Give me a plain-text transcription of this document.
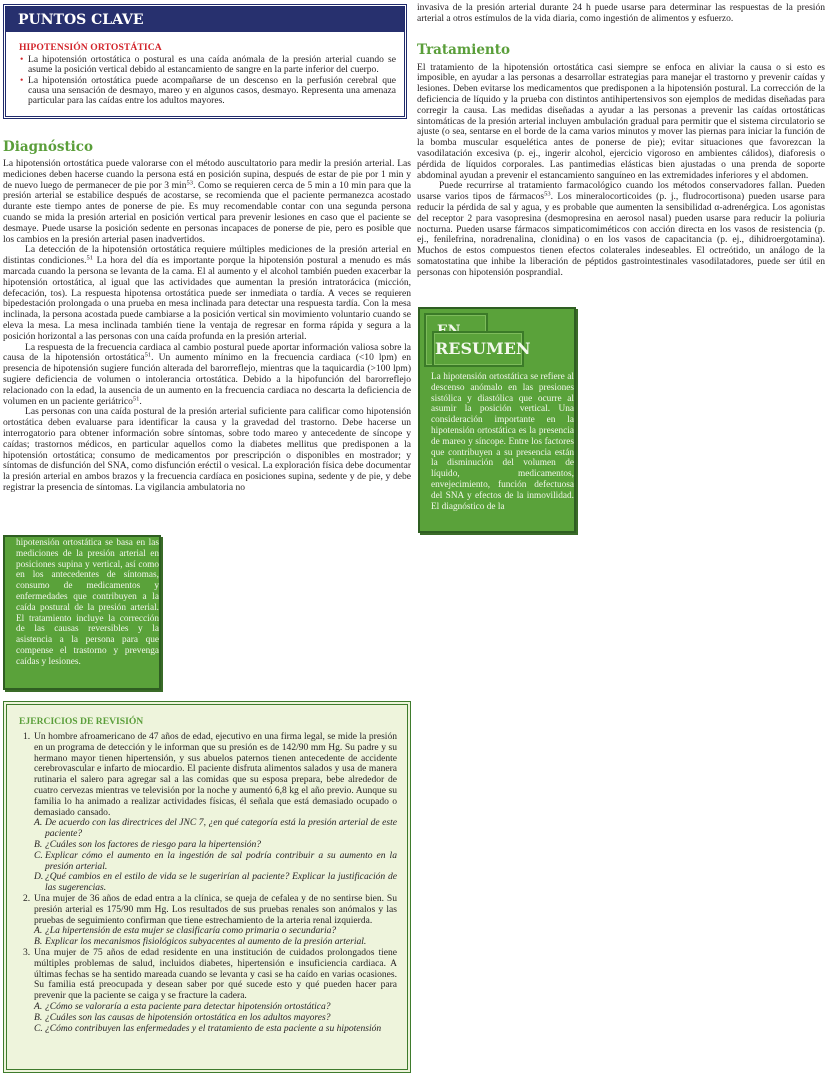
PUNTOS CLAVE
HIPOTENSIÓN ORTOSTÁTICA
• La hipotensión ortostática o postural es una caída anómala de la presión arterial cuando se asume la posición vertical debido al estancamiento de sangre en la parte inferior del cuerpo.
• La hipotensión ortostática puede acompañarse de un descenso en la perfusión cerebral que causa una sensación de desmayo, mareo y en algunos casos, desmayo. Representa una amenaza particular para las caídas entre los adultos mayores.
Diagnóstico

La hipotensión ortostática puede valorarse con el método auscultatorio para medir la presión arterial. Las mediciones deben hacerse cuando la persona está en posición supina, después de estar de pie por 1 min y de nuevo luego de permanecer de pie por 3 $\min^{53}$. Como se requieren cerca de 5 min a 10 min para que la presión arterial se estabilice después de acostarse, se recomienda que el paciente permanezca acostado durante este tiempo antes de ponerse de pie. Es muy recomendable contar con una segunda persona cuando se mida la presión arterial en posición vertical para prevenir lesiones en caso que el paciente se desmaye. Puede usarse la posición sedente en personas incapaces de ponerse de pie, pero es posible que los cambios en la presión arterial pasen inadvertidos.

La detección de la hipotensión ortostática requiere múltiples mediciones de la presión arterial en distintas condiciones.$^{51}$ La hora del día es importante porque la hipotensión postural a menudo es más marcada cuando la persona se levanta de la cama. El al aumento y el alcohol también pueden exacerbar la hipotensión ortostática, al igual que las actividades que aumentan la presión intratorácica (micción, defecación, tos). La respuesta hipotensa ortostática puede ser inmediata o tardía. A veces se requieren bipedestación prolongada o una prueba en mesa inclinada para detectar una respuesta tardía. Con la mesa inclinada, la persona acostada puede cambiarse a la posición vertical sin movimiento voluntario cuando se eleva la mesa. La mesa inclinada también tiene la ventaja de regresar en forma rápida y segura a la posición horizontal a las personas con una caída profunda en la presión arterial.

La respuesta de la frecuencia cardiaca al cambio postural puede aportar información valiosa sobre la causa de la hipotensión ortostática$^{51}$. Un aumento mínimo en la frecuencia cardiaca (<10 lpm) en presencia de hipotensión sugiere función alterada del barorreflejo, mientras que la taquicardia (>100 lpm) sugiere deficiencia de volumen o intolerancia ortostática. Debido a la hipofunción del barorreflejo relacionado con la edad, la ausencia de un aumento en la frecuencia cardiaca no descarta la deficiencia de volumen en un paciente geriátrico$^{51}$.

Las personas con una caída postural de la presión arterial suficiente para calificar como hipotensión ortostática deben evaluarse para identificar la causa y la gravedad del trastorno. Debe hacerse un interrogatorio para obtener información sobre síntomas, sobre todo mareo y antecedente de síncope y caídas; trastornos médicos, en particular aquellos como la diabetes mellitus que predisponen a la hipotensión ortostática; consumo de medicamentos por prescripción o disponibles en mostrador; y síntomas de disfunción del SNA, como disfunción eréctil o vesical. La exploración física debe documentar la presión arterial en ambos brazos y la frecuencia cardíaca en posiciones supina, sedente y de pie, y debe registrar la presencia de síntomas. La vigilancia ambulatoria no

invasiva de la presión arterial durante 24 h puede usarse para determinar las respuestas de la presión arterial a otros estímulos de la vida diaria, como ingestión de alimentos y esfuerzo.

Tratamiento

El tratamiento de la hipotensión ortostática casi siempre se enfoca en aliviar la causa o si esto es imposible, en ayudar a las personas a desarrollar estrategias para manejar el trastorno y prevenir caídas y lesiones. Deben evitarse los medicamentos que predisponen a la hipotensión postural. La corrección de la deficiencia de líquido y la prueba con distintos antihipertensivos son ejemplos de medidas diseñadas para corregir la causa. Las medidas diseñadas a ayudar a las personas a prevenir las caídas ortostáticas sintomáticas de la presión arterial incluyen ambulación gradual para permitir que el sistema circulatorio se ajuste (o sea, sentarse en el borde de la cama varios minutos y mover las piernas para iniciar la función de la bomba muscular esquelética antes de ponerse de pie); evitar situaciones que favorezcan la vasodilatación excesiva (p. ej., ingerir alcohol, ejercicio vigoroso en ambientes cálidos), diaforesis o pérdida de líquidos corporales. Las pantimedias elásticas bien ajustadas o una prenda de soporte abdominal ayudan a prevenir el estancamiento sanguíneo en las extremidades inferiores y el abdomen.

Puede recurrirse al tratamiento farmacológico cuando los métodos conservadores fallan. Pueden usarse varios tipos de fármacos$^{53}$. Los mineralocorticoides (p. j., fludrocortisona) pueden usarse para reducir la pérdida de sal y agua, y es probable que aumenten la sensibilidad α-adrenérgica. Los agonistas del receptor 2 para vasopresina (desmopresina en aerosol nasal) pueden usarse para reducir la poliuria nocturna. Pueden usarse fármacos simpaticomiméticos con acción directa en los vasos de resistencia (p. ej., fenilefrina, noradrenalina, clonidina) o en los vasos de capacitancia (p. ej., dihidroergotamina). Muchos de estos compuestos tienen efectos colaterales indeseables. El octreótido, un análogo de la somatostatina que inhibe la liberación de péptidos gastrointestinales vasodilatadores, puede ser útil en personas con hipotensión posprandial.

RESUMEN

La hipotensión ortostática se refiere al descenso anómalo en las presiones sistólica y diastólica que ocurre al asumir la posición vertical. Una consideración importante en la hipotensión ortostática es la presencia de mareo y síncope. Entre los factores que contribuyen a su presencia están la disminución del volumen de líquido, medicamentos, envejecimiento, función defectuosa del SNA y efectos de la inmovilidad. El diagnóstico de la

hipotensión ortostática se basa en las mediciones de la presión arterial en posiciones supina y vertical, así como en los antecedentes de síntomas, consumo de medicamentos y enfermedades que contribuyen a la caída postural de la presión arterial. El tratamiento incluye la corrección de las causas reversibles y la asistencia a la persona para que compense el trastorno y prevenga caídas y lesiones.

EJERCICIOS DE REVISIÓN
1. Un hombre afroamericano de 47 años de edad, ejecutivo en una firma legal, se mide la presión en un programa de detección y le informan que su presión es de 142/90 mm Hg. Su padre y su hermano mayor tienen hipertensión, y sus abuelos paternos tienen antecedente de accidente cerebrovascular e infarto de miocardio. El paciente disfruta alimentos salados y usa de manera rutinaria el salero para agregar sal a las comidas que su esposa prepara, bebe alrededor de cuatro cervezas mientras ve televisión por la noche y aumentó 6,8 kg el año previo. Aunque su familia lo ha animado a realizar actividades físicas, él señala que está demasiado ocupado o demasiado cansado.
A. De acuerdo con las directrices del JNC 7, ¿en qué categoría está la presión arterial de este paciente?
B. ¿Cuáles son los factores de riesgo para la hipertensión?
C. Explicar cómo el aumento en la ingestión de sal podría contribuir a su aumento en la presión arterial.
D. ¿Qué cambios en el estilo de vida se le sugerirían al paciente? Explicar la justificación de las sugerencias.
2. Una mujer de 36 años de edad entra a la clínica, se queja de cefalea y de no sentirse bien. Su presión arterial es 175/90 mm Hg. Los resultados de sus pruebas renales son anómalos y las pruebas de seguimiento confirman que tiene estrechamiento de la arteria renal izquierda.
A. ¿La hipertensión de esta mujer se clasificaría como primaria o secundaria?
B. Explicar los mecanismos fisiológicos subyacentes al aumento de la presión arterial.
3. Una mujer de 75 años de edad residente en una institución de cuidados prolongados tiene múltiples problemas de salud, incluidos diabetes, hipertensión e insuficiencia cardiaca. A últimas fechas se ha sentido mareada cuando se levanta y casi se ha caído en varias ocasiones. Su familia está preocupada y desean saber por qué sucede esto y qué pueden hacer para prevenir que la paciente se caiga y se fracture la cadera.
A. ¿Cómo se valoraría a esta paciente para detectar hipotensión ortostática?
B. ¿Cuáles son las causas de hipotensión ortostática en los adultos mayores?
C. ¿Cómo contribuyen las enfermedades y el tratamiento de esta paciente a su hipotensión
